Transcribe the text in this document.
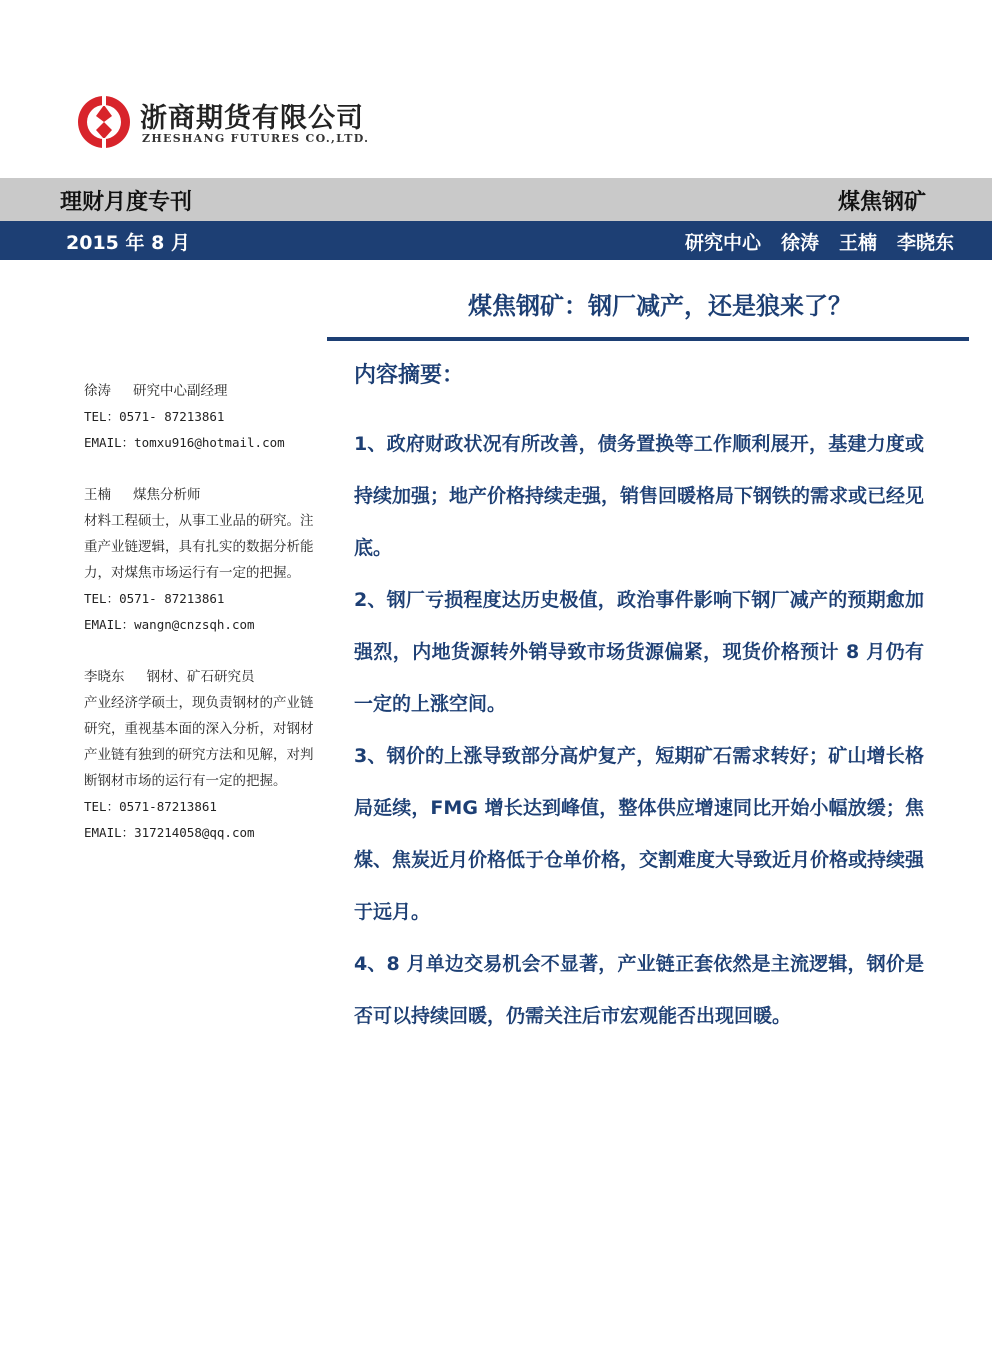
浙商期货有限公司
ZHESHANG FUTURES CO.,LTD.
理财月度专刊	煤焦钢矿
2015 年 8 月	研究中心 徐涛 王楠 李晓东
煤焦钢矿：钢厂减产，还是狼来了？
徐涛 研究中心副经理
TEL：0571- 87213861
EMAIL：tomxu916@hotmail.com
王楠 煤焦分析师
材料工程硕士，从事工业品的研究。注重产业链逻辑，具有扎实的数据分析能力，对煤焦市场运行有一定的把握。
TEL：0571- 87213861
EMAIL：wangn@cnzsqh.com
李晓东 钢材、矿石研究员
产业经济学硕士，现负责钢材的产业链研究，重视基本面的深入分析，对钢材产业链有独到的研究方法和见解，对判断钢材市场的运行有一定的把握。
TEL：0571-87213861
EMAIL：317214058@qq.com
内容摘要：

1、政府财政状况有所改善，债务置换等工作顺利展开，基建力度或持续加强；地产价格持续走强，销售回暖格局下钢铁的需求或已经见底。

2、钢厂亏损程度达历史极值，政治事件影响下钢厂减产的预期愈加强烈，内地货源转外销导致市场货源偏紧，现货价格预计 8 月仍有一定的上涨空间。

3、钢价的上涨导致部分高炉复产，短期矿石需求转好；矿山增长格局延续，FMG 增长达到峰值，整体供应增速同比开始小幅放缓；焦煤、焦炭近月价格低于仓单价格，交割难度大导致近月价格或持续强于远月。

4、8 月单边交易机会不显著，产业链正套依然是主流逻辑，钢价是否可以持续回暖，仍需关注后市宏观能否出现回暖。
